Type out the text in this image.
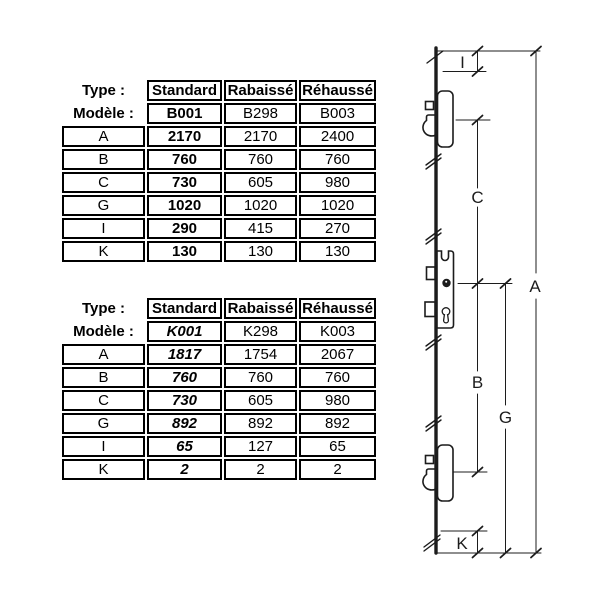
Type :	Standard Rabaissé Réhaussé
Modèle :	B001	B298	B003
A	2170	2170	2400
B	760	760	760
C	730	605	980
G	1020	1020	1020
I	290	415	270
K	130	130	130
Type :	Standard Rabaissé Réhaussé
Modèle :	K001	K298	K003
A	1817	1754	2067
B	760	760	760
C	730	605	980
G	892	892	892
I	65	127	65
K	2	2	2
I
C
A
B
G
K
